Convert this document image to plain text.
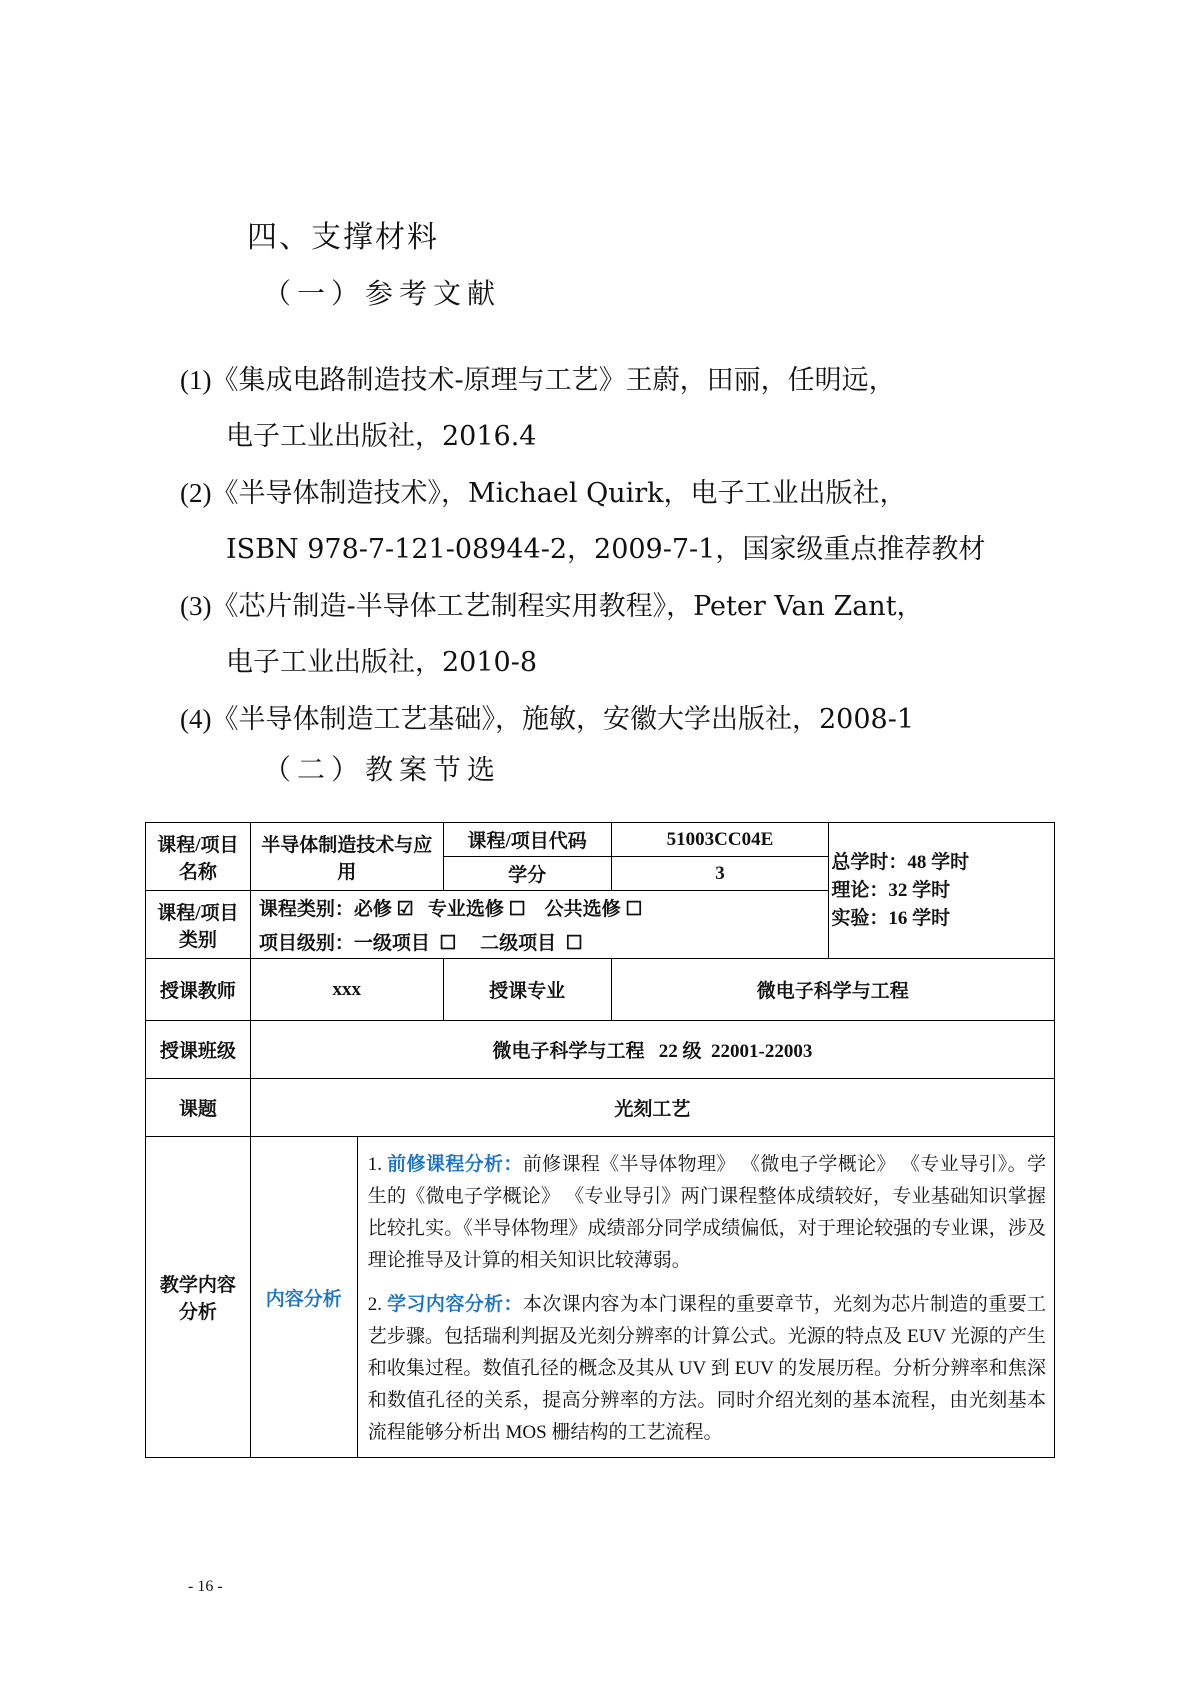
四、支撑材料
（一）参考文献
(1)《集成电路制造技术-原理与工艺》王蔚，田丽，任明远，
电子工业出版社，2016.4
(2)《半导体制造技术》，Michael Quirk，电子工业出版社，
ISBN 978-7-121-08944-2，2009-7-1，国家级重点推荐教材
(3)《芯片制造-半导体工艺制程实用教程》，Peter Van Zant，
电子工业出版社，2010-8
(4)《半导体制造工艺基础》，施敏，安徽大学出版社，2008-1
（二）教案节选
课程/项目名称	半导体制造技术与应用		课程/项目代码	51003CC04E	总学时：48 学时
理论：32 学时
实验：16 学时

			学分	3	
课程/项目类别	课程类别：必修 ☑   专业选修 ☐    公共选修 ☐				
	项目级别：一级项目  ☐     二级项目  ☐				
授课教师	xxx		授课专业	微电子科学与工程	
授课班级	微电子科学与工程   22 级  22001-22003				
课题	光刻工艺				
教学内容分析	内容分析	1. 前修课程分析：前修课程《半导体物理》 《微电子学概论》 《专业导引》。学生的《微电子学概论》 《专业导引》两门课程整体成绩较好，专业基础知识掌握比较扎实。《半导体物理》成绩部分同学成绩偏低，对于理论较强的专业课，涉及理论推导及计算的相关知识比较薄弱。

2. 学习内容分析：本次课内容为本门课程的重要章节，光刻为芯片制造的重要工艺步骤。包括瑞利判据及光刻分辨率的计算公式。光源的特点及 EUV 光源的产生和收集过程。数值孔径的概念及其从 UV 到 EUV 的发展历程。分析分辨率和焦深和数值孔径的关系，提高分辨率的方法。同时介绍光刻的基本流程，由光刻基本流程能够分析出 MOS 栅结构的工艺流程。			

- 16 -
